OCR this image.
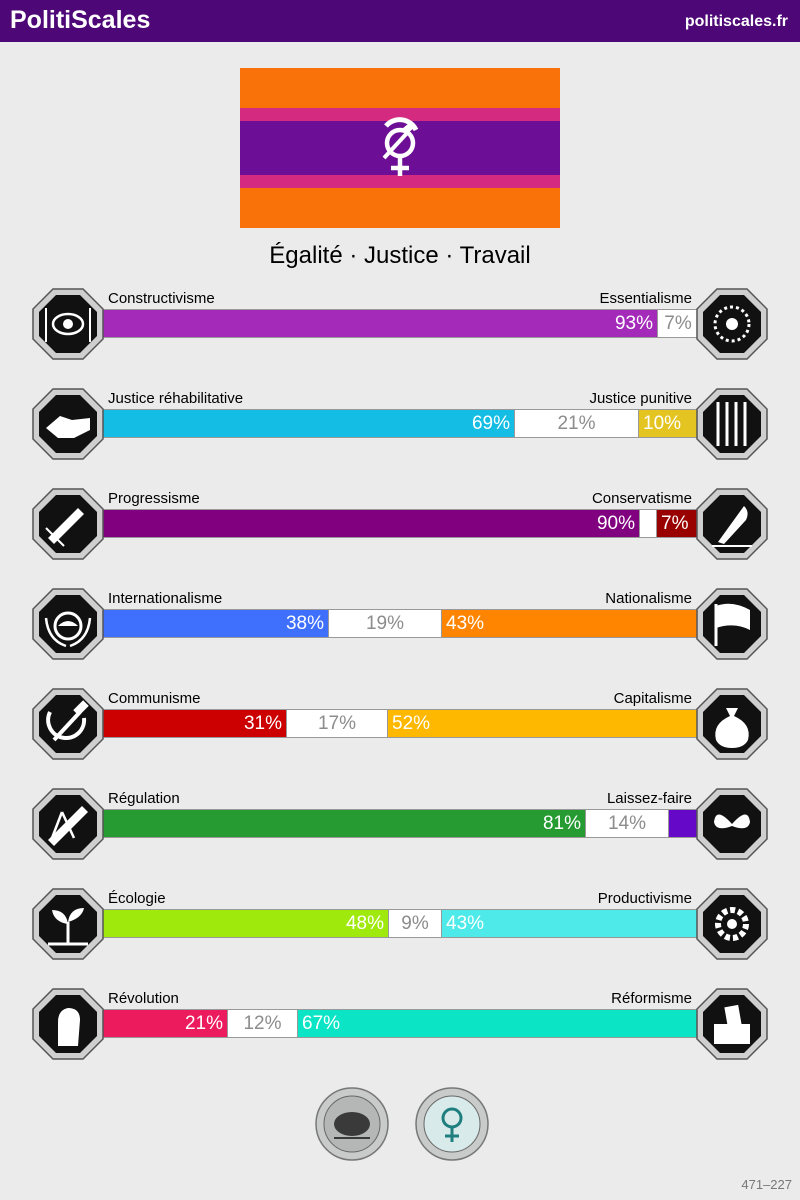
PolitiScales	politiscales.fr
Égalité · Justice · Travail
Constructivisme	Essentialisme
93% 7%
Justice réhabilitative	Justice punitive
69%	21%	10%
Progressisme	Conservatisme
90% 7%
Internationalisme	Nationalisme
38%	19%	43%
Communisme	Capitalisme
31%	17%	52%
Régulation	Laissez-faire
81%	14%
Écologie	Productivisme
48% 9% 43%
Révolution	Réformisme
21%	12%	67%
471–227
